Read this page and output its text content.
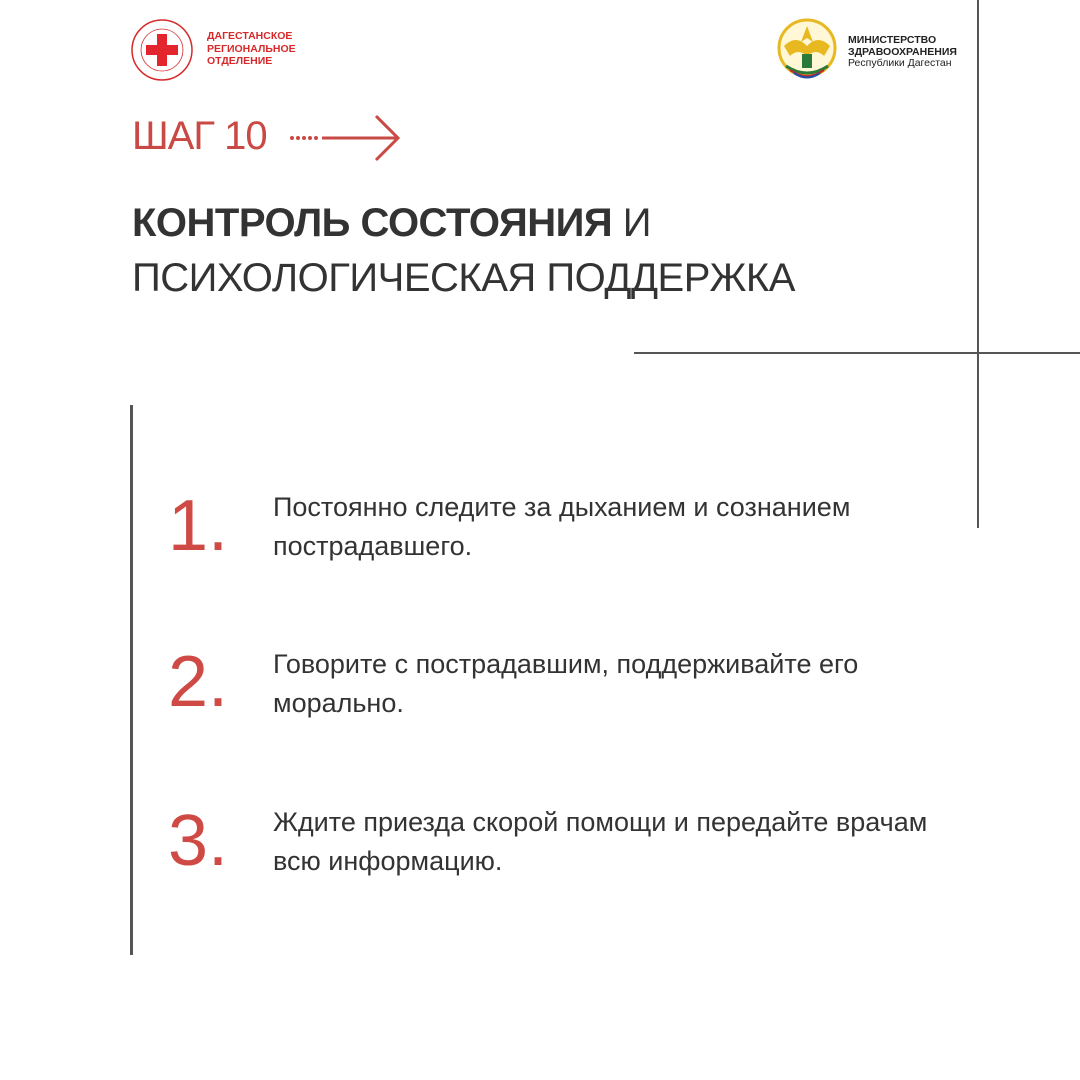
ДАГЕСТАНСКОЕ
РЕГИОНАЛЬНОЕ
ОТДЕЛЕНИЕ
МИНИСТЕРСТВО
ЗДРАВООХРАНЕНИЯ
Республики Дагестан
ШАГ 10
КОНТРОЛЬ СОСТОЯНИЯ И
ПСИХОЛОГИЧЕСКАЯ ПОДДЕРЖКА
1. Постоянно следите за дыханием и сознанием пострадавшего.
2. Говорите с пострадавшим, поддерживайте его морально.
3. Ждите приезда скорой помощи и передайте врачам всю информацию.
